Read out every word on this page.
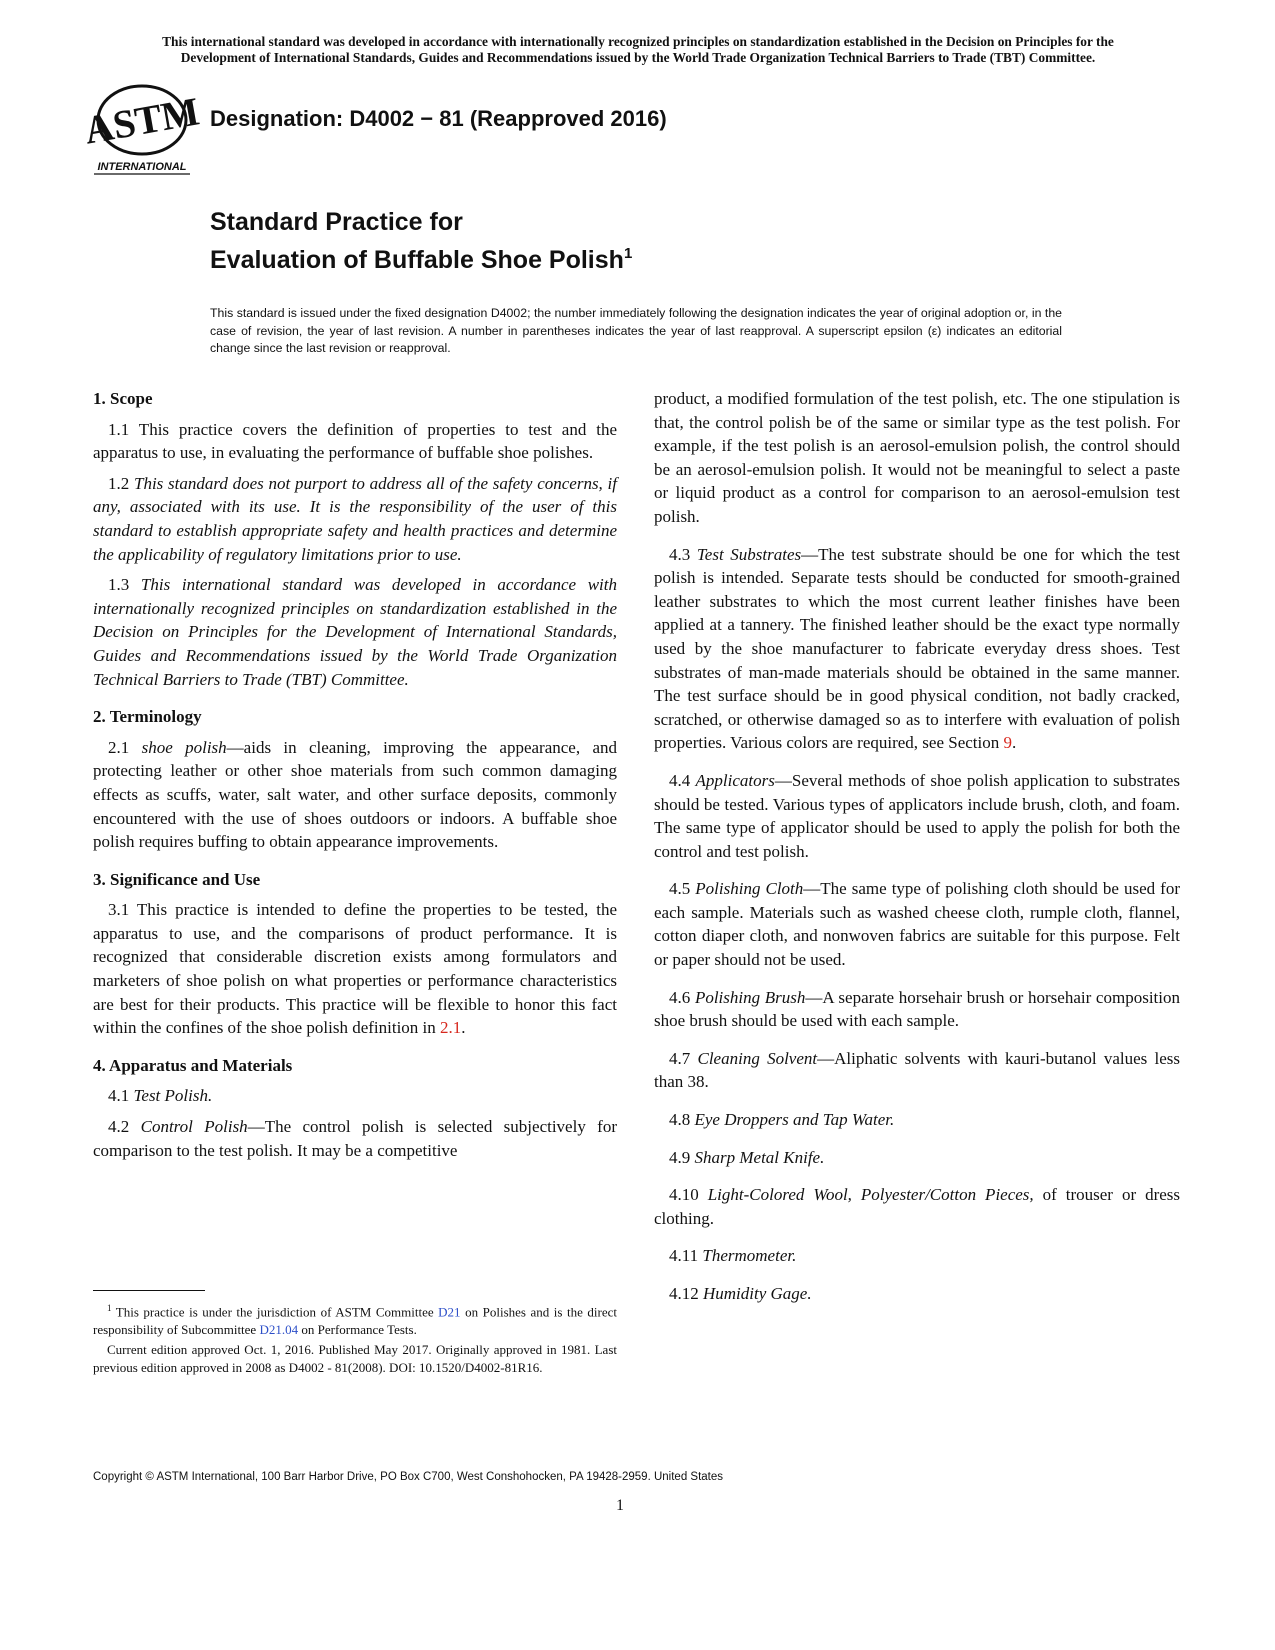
This international standard was developed in accordance with internationally recognized principles on standardization established in the Decision on Principles for the
Development of International Standards, Guides and Recommendations issued by the World Trade Organization Technical Barriers to Trade (TBT) Committee.
ASTM
INTERNATIONAL
Designation: D4002 − 81 (Reapproved 2016)
Standard Practice for
Evaluation of Buffable Shoe Polish$^1$
This standard is issued under the fixed designation D4002; the number immediately following the designation indicates the year of original adoption or, in the case of revision, the year of last revision. A number in parentheses indicates the year of last reapproval. A superscript epsilon (ε) indicates an editorial change since the last revision or reapproval.
1. Scope

1.1 This practice covers the definition of properties to test and the apparatus to use, in evaluating the performance of buffable shoe polishes.

1.2 This standard does not purport to address all of the safety concerns, if any, associated with its use. It is the responsibility of the user of this standard to establish appropriate safety and health practices and determine the applicability of regulatory limitations prior to use.

1.3 This international standard was developed in accordance with internationally recognized principles on standardization established in the Decision on Principles for the Development of International Standards, Guides and Recommendations issued by the World Trade Organization Technical Barriers to Trade (TBT) Committee.

2. Terminology

2.1 shoe polish—aids in cleaning, improving the appearance, and protecting leather or other shoe materials from such common damaging effects as scuffs, water, salt water, and other surface deposits, commonly encountered with the use of shoes outdoors or indoors. A buffable shoe polish requires buffing to obtain appearance improvements.

3. Significance and Use

3.1 This practice is intended to define the properties to be tested, the apparatus to use, and the comparisons of product performance. It is recognized that considerable discretion exists among formulators and marketers of shoe polish on what properties or performance characteristics are best for their products. This practice will be flexible to honor this fact within the confines of the shoe polish definition in 2.1.

4. Apparatus and Materials

4.1 Test Polish.

4.2 Control Polish—The control polish is selected subjectively for comparison to the test polish. It may be a competitive

$^1$ This practice is under the jurisdiction of ASTM Committee D21 on Polishes and is the direct responsibility of Subcommittee D21.04 on Performance Tests.

Current edition approved Oct. 1, 2016. Published May 2017. Originally approved in 1981. Last previous edition approved in 2008 as D4002 - 81(2008). DOI: 10.1520/D4002-81R16.

product, a modified formulation of the test polish, etc. The one stipulation is that, the control polish be of the same or similar type as the test polish. For example, if the test polish is an aerosol-emulsion polish, the control should be an aerosol-emulsion polish. It would not be meaningful to select a paste or liquid product as a control for comparison to an aerosol-emulsion test polish.

4.3 Test Substrates—The test substrate should be one for which the test polish is intended. Separate tests should be conducted for smooth-grained leather substrates to which the most current leather finishes have been applied at a tannery. The finished leather should be the exact type normally used by the shoe manufacturer to fabricate everyday dress shoes. Test substrates of man-made materials should be obtained in the same manner. The test surface should be in good physical condition, not badly cracked, scratched, or otherwise damaged so as to interfere with evaluation of polish properties. Various colors are required, see Section 9.

4.4 Applicators—Several methods of shoe polish application to substrates should be tested. Various types of applicators include brush, cloth, and foam. The same type of applicator should be used to apply the polish for both the control and test polish.

4.5 Polishing Cloth—The same type of polishing cloth should be used for each sample. Materials such as washed cheese cloth, rumple cloth, flannel, cotton diaper cloth, and nonwoven fabrics are suitable for this purpose. Felt or paper should not be used.

4.6 Polishing Brush—A separate horsehair brush or horsehair composition shoe brush should be used with each sample.

4.7 Cleaning Solvent—Aliphatic solvents with kauri-butanol values less than 38.

4.8 Eye Droppers and Tap Water.

4.9 Sharp Metal Knife.

4.10 Light-Colored Wool, Polyester/Cotton Pieces, of trouser or dress clothing.

4.11 Thermometer.

4.12 Humidity Gage.

Copyright © ASTM International, 100 Barr Harbor Drive, PO Box C700, West Conshohocken, PA 19428-2959. United States
1
